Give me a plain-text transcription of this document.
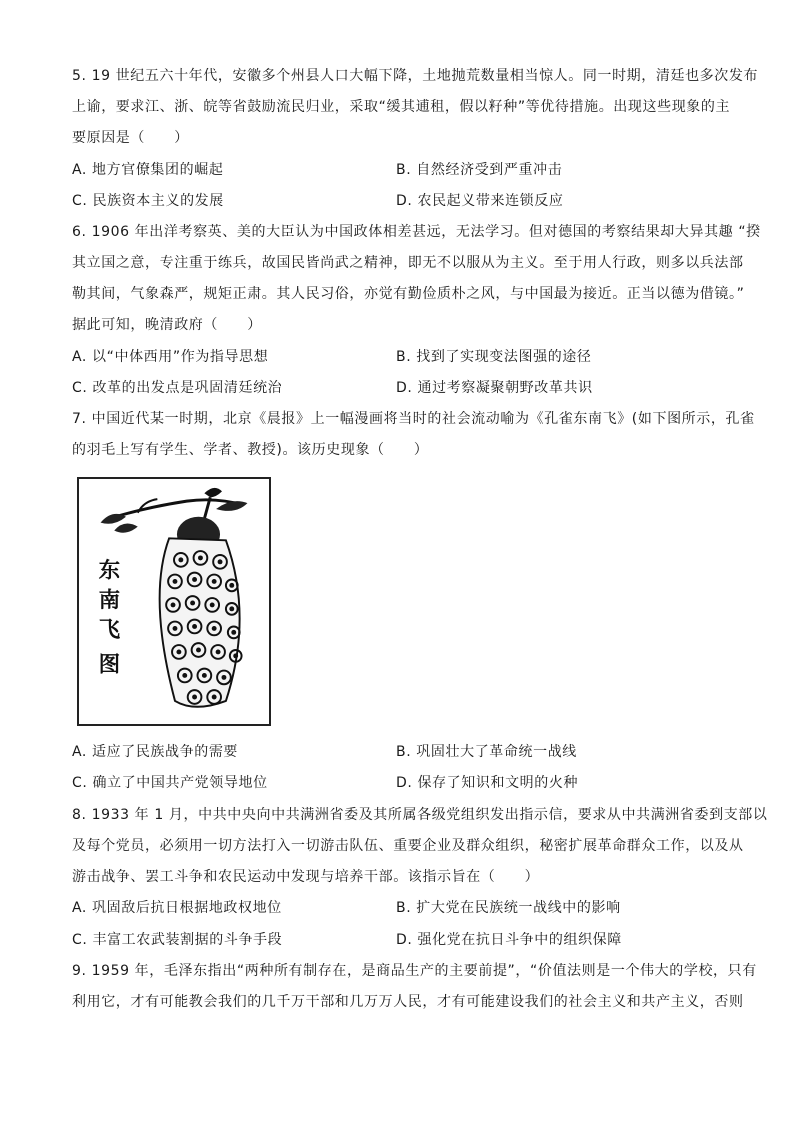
5. 19 世纪五六十年代，安徽多个州县人口大幅下降，土地抛荒数量相当惊人。同一时期，清廷也多次发布
上谕，要求江、浙、皖等省鼓励流民归业，采取“缓其逋租，假以籽种”等优待措施。出现这些现象的主
要原因是（　　）
A. 地方官僚集团的崛起	B. 自然经济受到严重冲击
C. 民族资本主义的发展	D. 农民起义带来连锁反应
6. 1906 年出洋考察英、美的大臣认为中国政体相差甚远，无法学习。但对德国的考察结果却大异其趣 “揆
其立国之意，专注重于练兵，故国民皆尚武之精神，即无不以服从为主义。至于用人行政，则多以兵法部
勒其间，气象森严，规矩正肃。其人民习俗，亦觉有勤俭质朴之风，与中国最为接近。正当以德为借镜。”
据此可知，晚清政府（　　）
A. 以“中体西用”作为指导思想	B. 找到了实现变法图强的途径
C. 改革的出发点是巩固清廷统治	D. 通过考察凝聚朝野改革共识
7. 中国近代某一时期，北京《晨报》上一幅漫画将当时的社会流动喻为《孔雀东南飞》(如下图所示，孔雀
的羽毛上写有学生、学者、教授)。该历史现象（　　）
东
南
飞
图
A. 适应了民族战争的需要	B. 巩固壮大了革命统一战线
C. 确立了中国共产党领导地位	D. 保存了知识和文明的火种
8. 1933 年 1 月，中共中央向中共满洲省委及其所属各级党组织发出指示信，要求从中共满洲省委到支部以
及每个党员，必须用一切方法打入一切游击队伍、重要企业及群众组织，秘密扩展革命群众工作，以及从
游击战争、罢工斗争和农民运动中发现与培养干部。该指示旨在（　　）
A. 巩固敌后抗日根据地政权地位	B. 扩大党在民族统一战线中的影响
C. 丰富工农武装割据的斗争手段	D. 强化党在抗日斗争中的组织保障
9. 1959 年，毛泽东指出“两种所有制存在，是商品生产的主要前提”，“价值法则是一个伟大的学校，只有
利用它，才有可能教会我们的几千万干部和几万万人民，才有可能建设我们的社会主义和共产主义，否则
